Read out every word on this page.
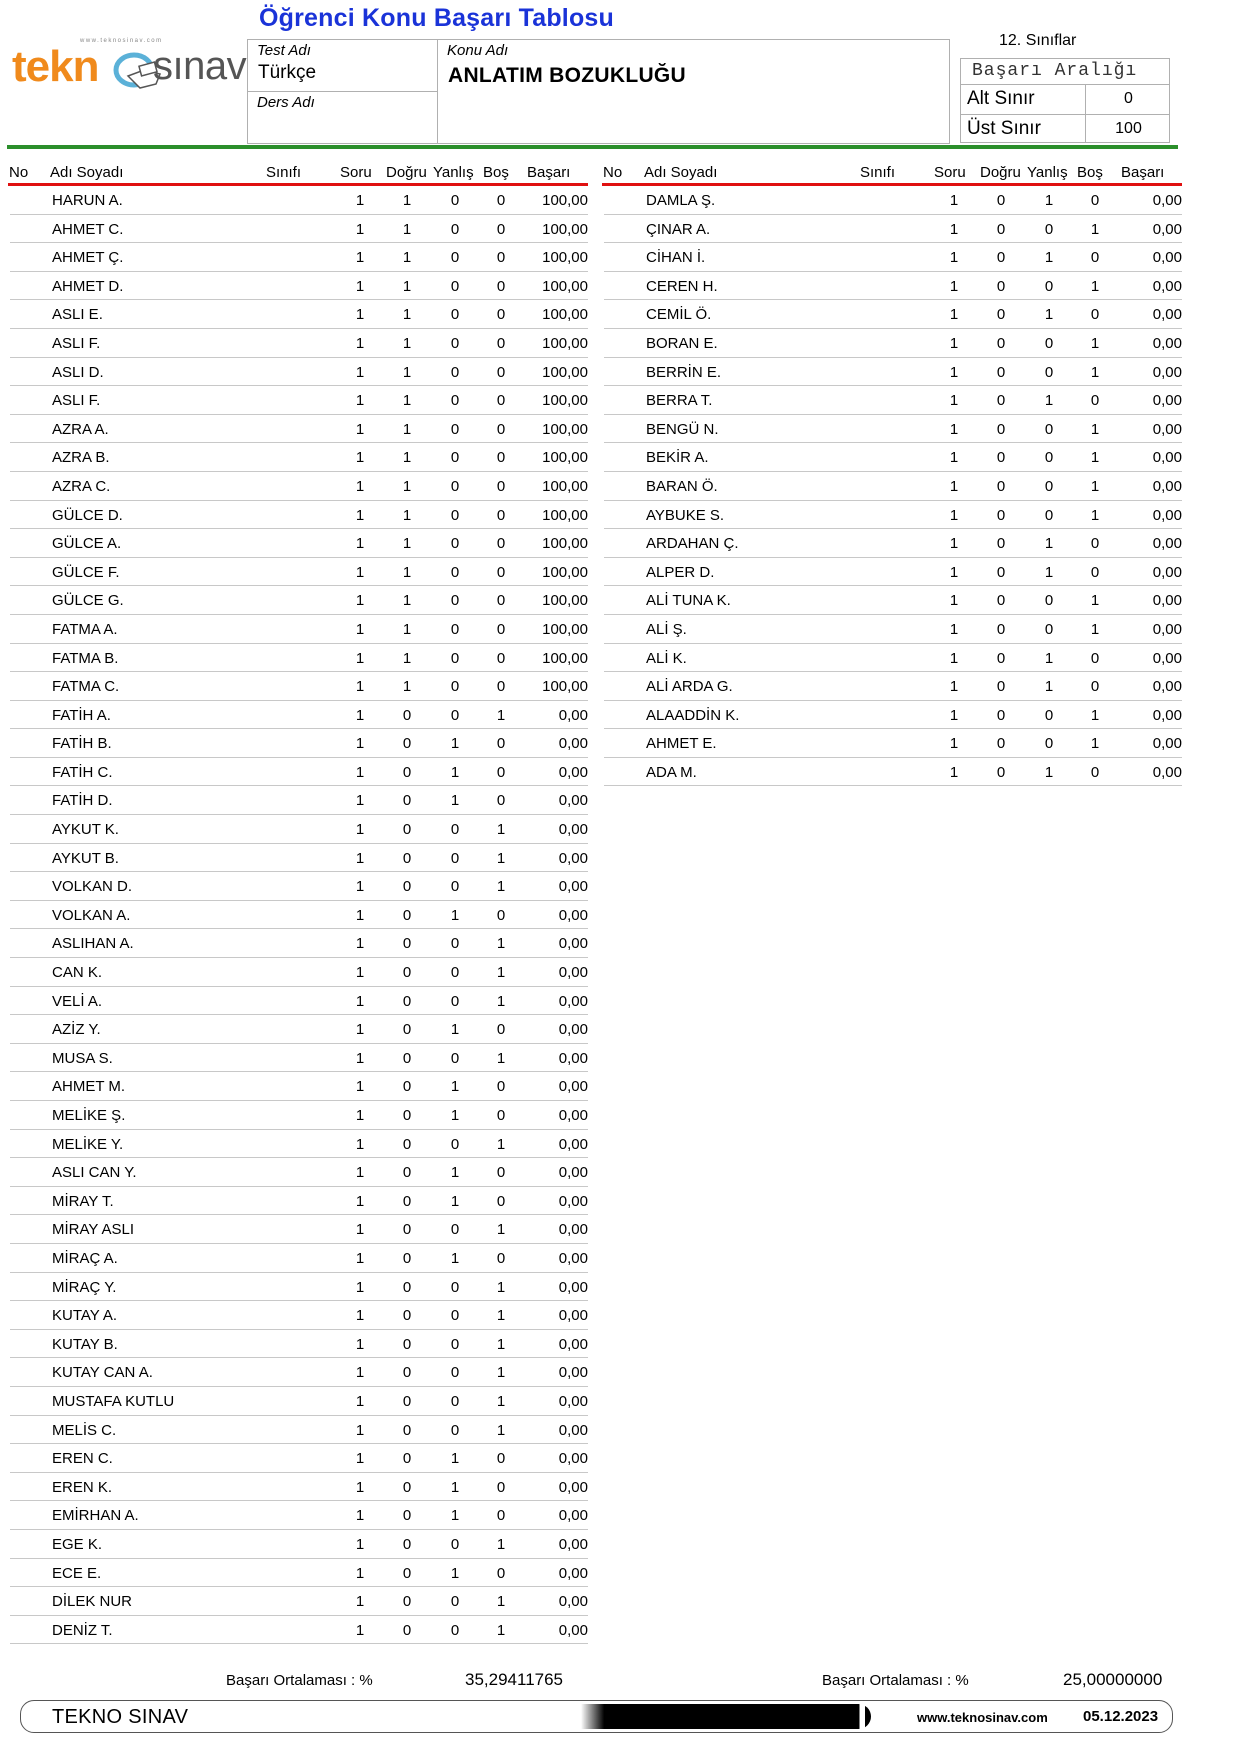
Öğrenci Konu Başarı Tablosu
www.teknosinav.com
tekn sınav Test Adı
Türkçe
Ders Adı
Konu Adı
ANLATIM BOZUKLUĞU
12. Sınıflar
Başarı Aralığı
Alt Sınır	0
Üst Sınır	100
No Adı Soyadı	Sınıfı	Soru Doğru Yanlış Boş Başarı
HARUN A.	1	1	0	0	100,00
AHMET C.	1	1	0	0	100,00
AHMET Ç.	1	1	0	0	100,00
AHMET D.	1	1	0	0	100,00
ASLI E.	1	1	0	0	100,00
ASLI F.	1	1	0	0	100,00
ASLI D.	1	1	0	0	100,00
ASLI F.	1	1	0	0	100,00
AZRA A.	1	1	0	0	100,00
AZRA B.	1	1	0	0	100,00
AZRA C.	1	1	0	0	100,00
GÜLCE D.	1	1	0	0	100,00
GÜLCE A.	1	1	0	0	100,00
GÜLCE F.	1	1	0	0	100,00
GÜLCE G.	1	1	0	0	100,00
FATMA A.	1	1	0	0	100,00
FATMA B.	1	1	0	0	100,00
FATMA C.	1	1	0	0	100,00
FATİH A.	1	0	0	1	0,00
FATİH B.	1	0	1	0	0,00
FATİH C.	1	0	1	0	0,00
FATİH D.	1	0	1	0	0,00
AYKUT K.	1	0	0	1	0,00
AYKUT B.	1	0	0	1	0,00
VOLKAN D.	1	0	0	1	0,00
VOLKAN A.	1	0	1	0	0,00
ASLIHAN A.	1	0	0	1	0,00
CAN K.	1	0	0	1	0,00
VELİ A.	1	0	0	1	0,00
AZİZ Y.	1	0	1	0	0,00
MUSA S.	1	0	0	1	0,00
AHMET M.	1	0	1	0	0,00
MELİKE Ş.	1	0	1	0	0,00
MELİKE Y.	1	0	0	1	0,00
ASLI CAN Y.	1	0	1	0	0,00
MİRAY T.	1	0	1	0	0,00
MİRAY ASLI	1	0	0	1	0,00
MİRAÇ A.	1	0	1	0	0,00
MİRAÇ Y.	1	0	0	1	0,00
KUTAY A.	1	0	0	1	0,00
KUTAY B.	1	0	0	1	0,00
KUTAY CAN A.	1	0	0	1	0,00
MUSTAFA KUTLU	1	0	0	1	0,00
MELİS C.	1	0	0	1	0,00
EREN C.	1	0	1	0	0,00
EREN K.	1	0	1	0	0,00
EMİRHAN A.	1	0	1	0	0,00
EGE K.	1	0	0	1	0,00
ECE E.	1	0	1	0	0,00
DİLEK NUR	1	0	0	1	0,00
DENİZ T.	1	0	0	1	0,00
No Adı Soyadı	Sınıfı	Soru Doğru Yanlış Boş Başarı
DAMLA Ş.	1	0	1	0	0,00
ÇINAR A.	1	0	0	1	0,00
CİHAN İ.	1	0	1	0	0,00
CEREN H.	1	0	0	1	0,00
CEMİL Ö.	1	0	1	0	0,00
BORAN E.	1	0	0	1	0,00
BERRİN E.	1	0	0	1	0,00
BERRA T.	1	0	1	0	0,00
BENGÜ N.	1	0	0	1	0,00
BEKİR A.	1	0	0	1	0,00
BARAN Ö.	1	0	0	1	0,00
AYBUKE S.	1	0	0	1	0,00
ARDAHAN Ç.	1	0	1	0	0,00
ALPER D.	1	0	1	0	0,00
ALİ TUNA K.	1	0	0	1	0,00
ALİ Ş.	1	0	0	1	0,00
ALİ K.	1	0	1	0	0,00
ALİ ARDA G.	1	0	1	0	0,00
ALAADDİN K.	1	0	0	1	0,00
AHMET E.	1	0	0	1	0,00
ADA M.	1	0	1	0	0,00
Başarı Ortalaması : %	35,29411765	Başarı Ortalaması : %	25,00000000
TEKNO SINAV	www.teknosinav.com 05.12.2023
